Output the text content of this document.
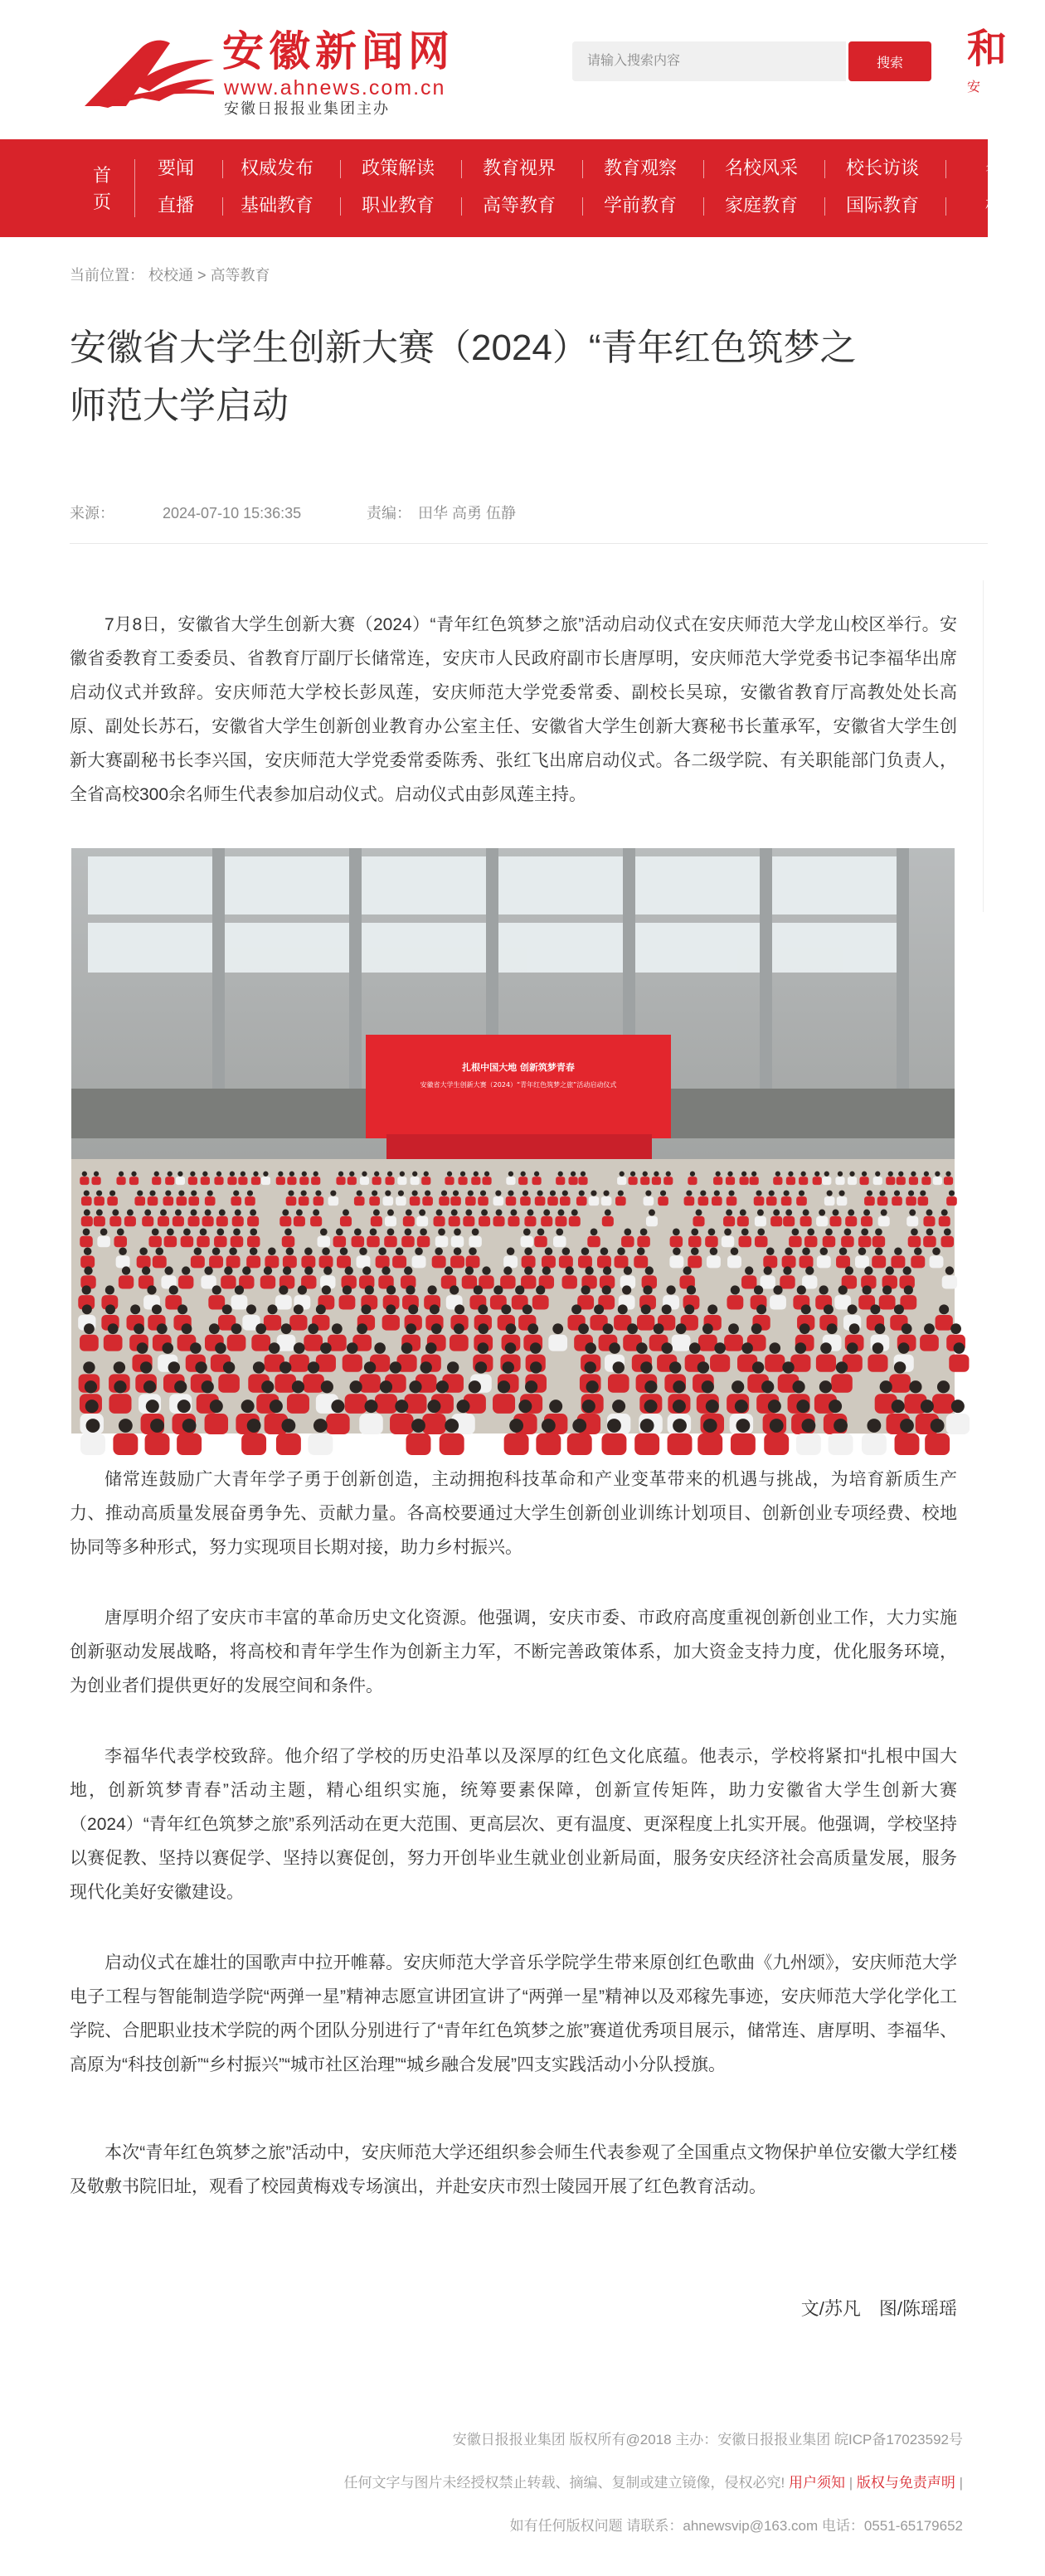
安徽新闻网
www.ahnews.com.cn
安徽日报报业集团主办
请输入搜索内容
搜索	和
安
首页
要闻	权威发布	政策解读	教育视界	教育观察	名校风采	校长访谈	名师
直播	基础教育	职业教育	高等教育	学前教育	家庭教育	国际教育	校体
当前位置： 校校通 > 高等教育
安徽省大学生创新大赛（2024）“青年红色筑梦之
师范大学启动
来源：	2024-07-10 15:36:35	责编： 田华 高勇 伍静

7月8日，安徽省大学生创新大赛（2024）“青年红色筑梦之旅”活动启动仪式在安庆师范大学龙山校区举行。安徽省委教育工委委员、省教育厅副厅长储常连，安庆市人民政府副市长唐厚明，安庆师范大学党委书记李福华出席启动仪式并致辞。安庆师范大学校长彭凤莲，安庆师范大学党委常委、副校长吴琼，安徽省教育厅高教处处长高原、副处长苏石，安徽省大学生创新创业教育办公室主任、安徽省大学生创新大赛秘书长董承军，安徽省大学生创新大赛副秘书长李兴国，安庆师范大学党委常委陈秀、张红飞出席启动仪式。各二级学院、有关职能部门负责人，全省高校300余名师生代表参加启动仪式。启动仪式由彭凤莲主持。

扎根中国大地 创新筑梦青春
安徽省大学生创新大赛（2024）“青年红色筑梦之旅”活动启动仪式

储常连鼓励广大青年学子勇于创新创造，主动拥抱科技革命和产业变革带来的机遇与挑战，为培育新质生产力、推动高质量发展奋勇争先、贡献力量。各高校要通过大学生创新创业训练计划项目、创新创业专项经费、校地协同等多种形式，努力实现项目长期对接，助力乡村振兴。

唐厚明介绍了安庆市丰富的革命历史文化资源。他强调，安庆市委、市政府高度重视创新创业工作，大力实施创新驱动发展战略，将高校和青年学生作为创新主力军，不断完善政策体系，加大资金支持力度，优化服务环境，为创业者们提供更好的发展空间和条件。

李福华代表学校致辞。他介绍了学校的历史沿革以及深厚的红色文化底蕴。他表示，学校将紧扣“扎根中国大地，创新筑梦青春”活动主题，精心组织实施，统筹要素保障，创新宣传矩阵，助力安徽省大学生创新大赛（2024）“青年红色筑梦之旅”系列活动在更大范围、更高层次、更有温度、更深程度上扎实开展。他强调，学校坚持以赛促教、坚持以赛促学、坚持以赛促创，努力开创毕业生就业创业新局面，服务安庆经济社会高质量发展，服务现代化美好安徽建设。

启动仪式在雄壮的国歌声中拉开帷幕。安庆师范大学音乐学院学生带来原创红色歌曲《九州颂》，安庆师范大学电子工程与智能制造学院“两弹一星”精神志愿宣讲团宣讲了“两弹一星”精神以及邓稼先事迹，安庆师范大学化学化工学院、合肥职业技术学院的两个团队分别进行了“青年红色筑梦之旅”赛道优秀项目展示，储常连、唐厚明、李福华、高原为“科技创新”“乡村振兴”“城市社区治理”“城乡融合发展”四支实践活动小分队授旗。

本次“青年红色筑梦之旅”活动中，安庆师范大学还组织参会师生代表参观了全国重点文物保护单位安徽大学红楼及敬敷书院旧址，观看了校园黄梅戏专场演出，并赴安庆市烈士陵园开展了红色教育活动。

文/苏凡　图/陈瑶瑶
安徽日报报业集团 版权所有@2018 主办：安徽日报报业集团 皖ICP备17023592号
任何文字与图片未经授权禁止转载、摘编、复制或建立镜像，侵权必究! 用户须知 | 版权与免责声明 |
如有任何版权问题 请联系：ahnewsvip@163.com 电话：0551-65179652
